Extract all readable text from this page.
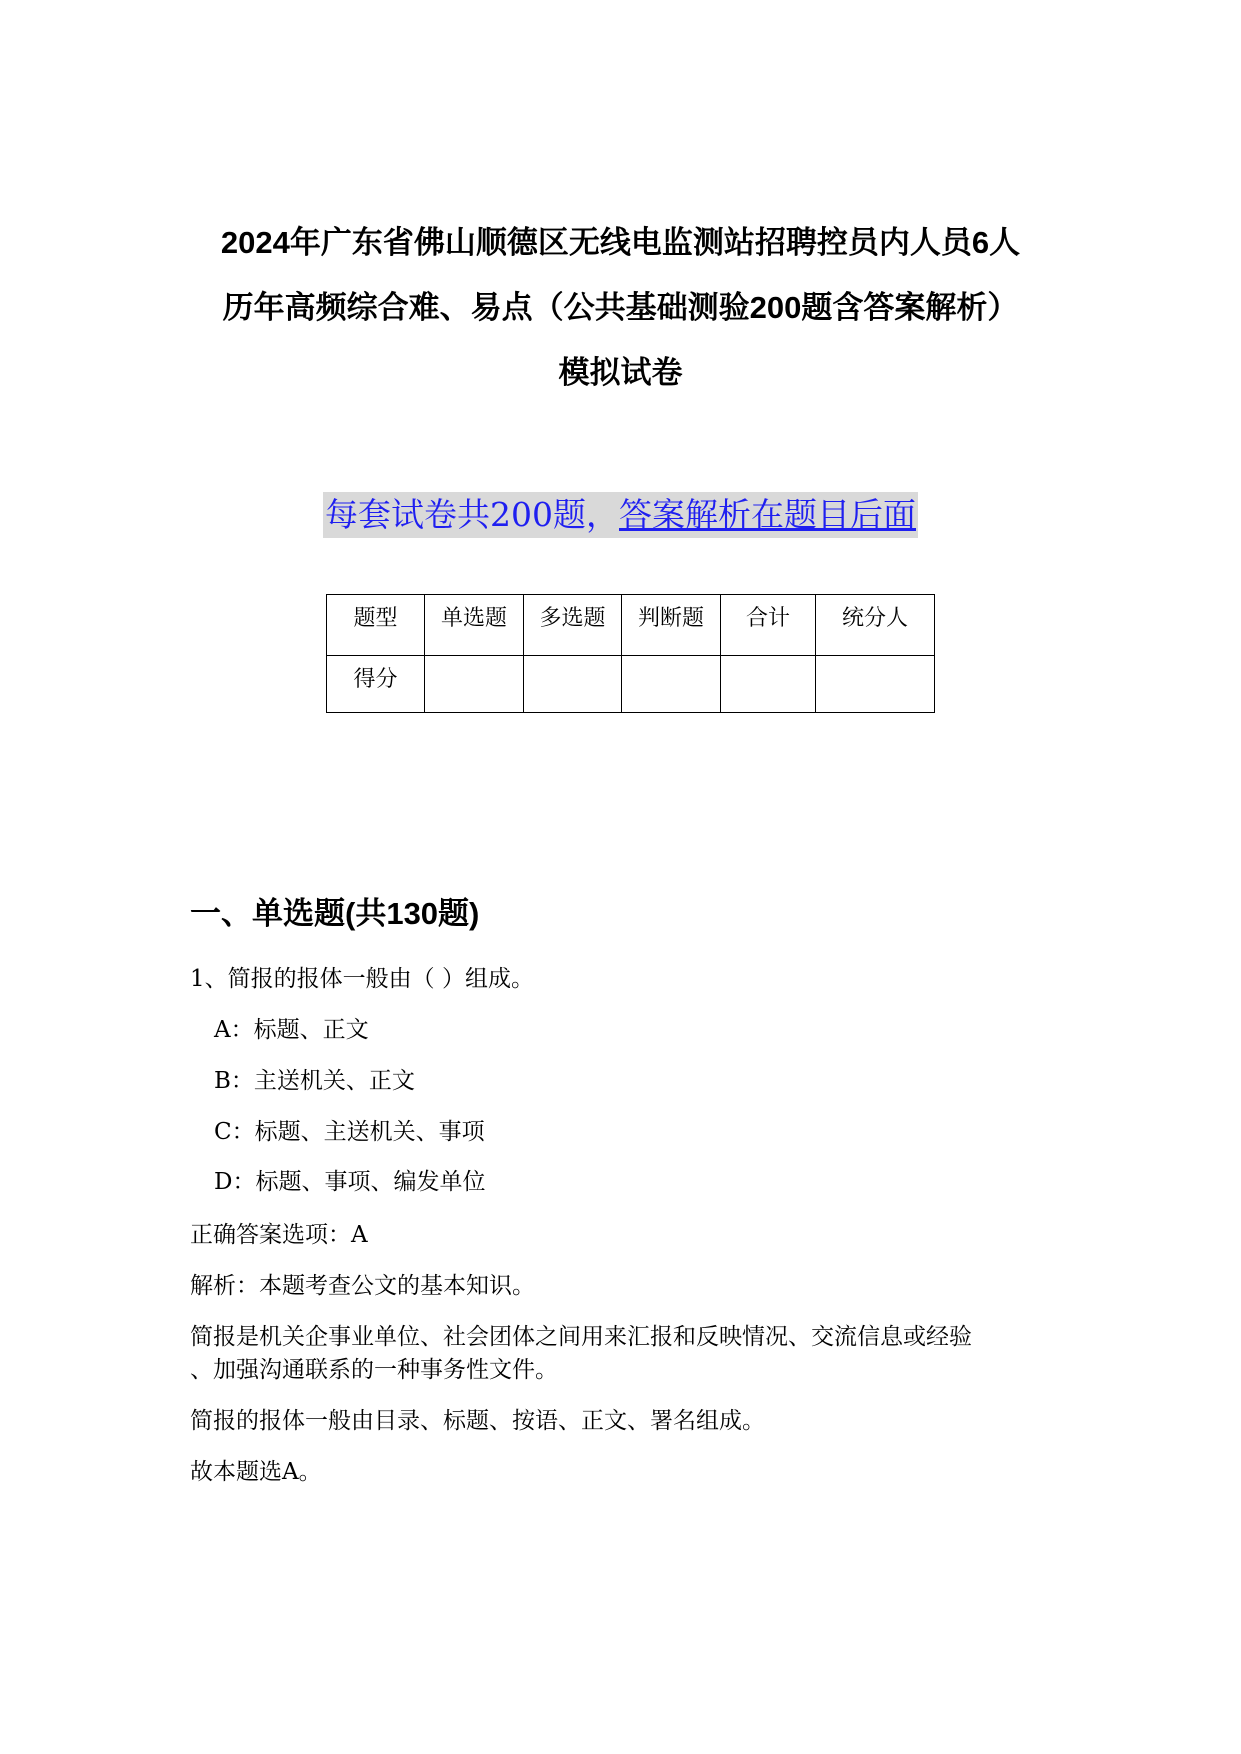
2024年广东省佛山顺德区无线电监测站招聘控员内人员6人
历年高频综合难、易点（公共基础测验200题含答案解析）
模拟试卷
每套试卷共200题，答案解析在题目后面
题型	单选题	多选题	判断题	合计	统分人
得分					
一、单选题(共130题)
1、简报的报体一般由（ ）组成。
A：标题、正文
B：主送机关、正文
C：标题、主送机关、事项
D：标题、事项、编发单位
正确答案选项：A
解析：本题考查公文的基本知识。
简报是机关企事业单位、社会团体之间用来汇报和反映情况、交流信息或经验
、加强沟通联系的一种事务性文件。
简报的报体一般由目录、标题、按语、正文、署名组成。
故本题选A。
